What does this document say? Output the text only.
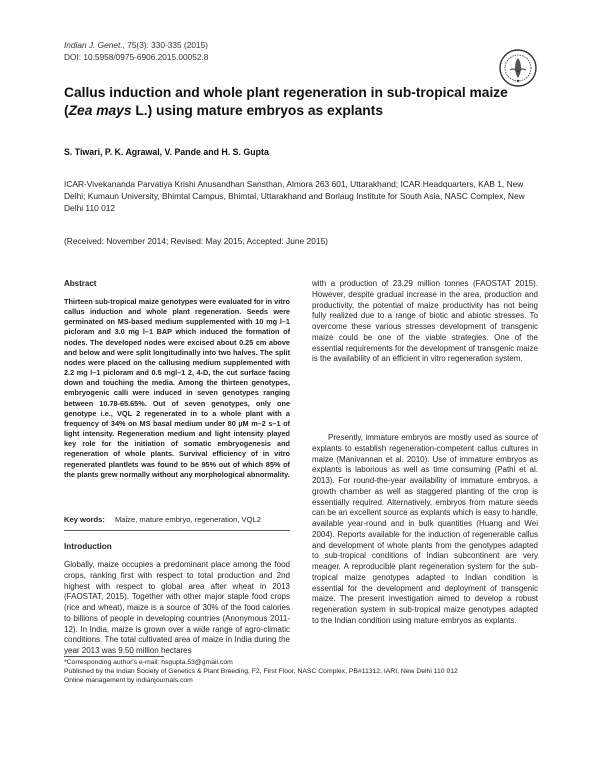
Indian J. Genet., 75(3): 330-335 (2015)
DOI: 10.5958/0975-6906.2015.00052.8
Callus induction and whole plant regeneration in sub-tropical maize
(Zea mays L.) using mature embryos as explants
S. Tiwari, P. K. Agrawal, V. Pande and H. S. Gupta
ICAR-Vivekananda Parvatiya Krishi Anusandhan Sansthan, Almora 263 601, Uttarakhand; ICAR Headquarters, KAB 1, New Delhi; Kumaun University, Bhimtal Campus, Bhimtal, Uttarakhand and Borlaug Institute for South Asia, NASC Complex, New Delhi 110 012
(Received: November 2014; Revised: May 2015; Accepted: June 2015)
Abstract
Thirteen sub-tropical maize genotypes were evaluated for in vitro callus induction and whole plant regeneration. Seeds were germinated on MS-based medium supplemented with 10 mg l–1 picloram and 3.0 mg l–1 BAP which induced the formation of nodes. The developed nodes were excised about 0.25 cm above and below and were split longitudinally into two halves. The split nodes were placed on the callusing medium supplemented with 2.2 mg l–1 picloram and 0.5 mgl–1 2, 4-D, the cut surface facing down and touching the media. Among the thirteen genotypes, embryogenic calli were induced in seven genotypes ranging between 10.78-65.65%. Out of seven genotypes, only one genotype i.e., VQL 2 regenerated in to a whole plant with a frequency of 34% on MS basal medium under 80 µM m–2 s–1 of light intensity. Regeneration medium and light intensity played key role for the initiation of somatic embryogenesis and regeneration of whole plants. Survival efficiency of in vitro regenerated plantlets was found to be 95% out of which 85% of the plants grew normally without any morphological abnormality.
Key words: Maize, mature embryo, regeneration, VQL2
Introduction
Globally, maize occupies a predominant place among the food crops, ranking first with respect to total production and 2nd highest with respect to global area after wheat in 2013 (FAOSTAT, 2015). Together with other major staple food crops (rice and wheat), maize is a source of 30% of the food calories to billions of people in developing countries (Anonymous 2011-12). In India, maize is grown over a wide range of agro-climatic conditions. The total cultivated area of maize in India during the year 2013 was 9.50 million hectares
with a production of 23.29 million tonnes (FAOSTAT 2015). However, despite gradual increase in the area, production and productivity, the potential of maize productivity has not being fully realized due to a range of biotic and abiotic stresses. To overcome these various stresses development of transgenic maize could be one of the viable strategies. One of the essential requirements for the development of transgenic maize is the availability of an efficient in vitro regeneration system.
Presently, immature embryos are mostly used as source of explants to establish regeneration-competent callus cultures in maize (Manivannan et al. 2010). Use of immature embryos as explants is laborious as well as time consuming (Pathi et al. 2013). For round-the-year availability of immature embryos, a growth chamber as well as staggered planting of the crop is essentially required. Alternatively, embryos from mature seeds can be an excellent source as explants which is easy to handle, available year-round and in bulk quantities (Huang and Wei 2004). Reports available for the induction of regenerable callus and development of whole plants from the genotypes adapted to sub-tropical conditions of Indian subcontinent are very meager. A reproducible plant regeneration system for the sub-tropical maize genotypes adapted to Indian condition is essential for the development and deployment of transgenic maize. The present investigation aimed to develop a robust regeneration system in sub-tropical maize genotypes adapted to the Indian condition using mature embryos as explants.
*Corresponding author's e-mail: hsgupta.53@gmail.com
Published by the Indian Society of Genetics & Plant Breeding, F2, First Floor, NASC Complex, PB#11312, IARI, New Delhi 110 012
Online management by indianjournals.com
